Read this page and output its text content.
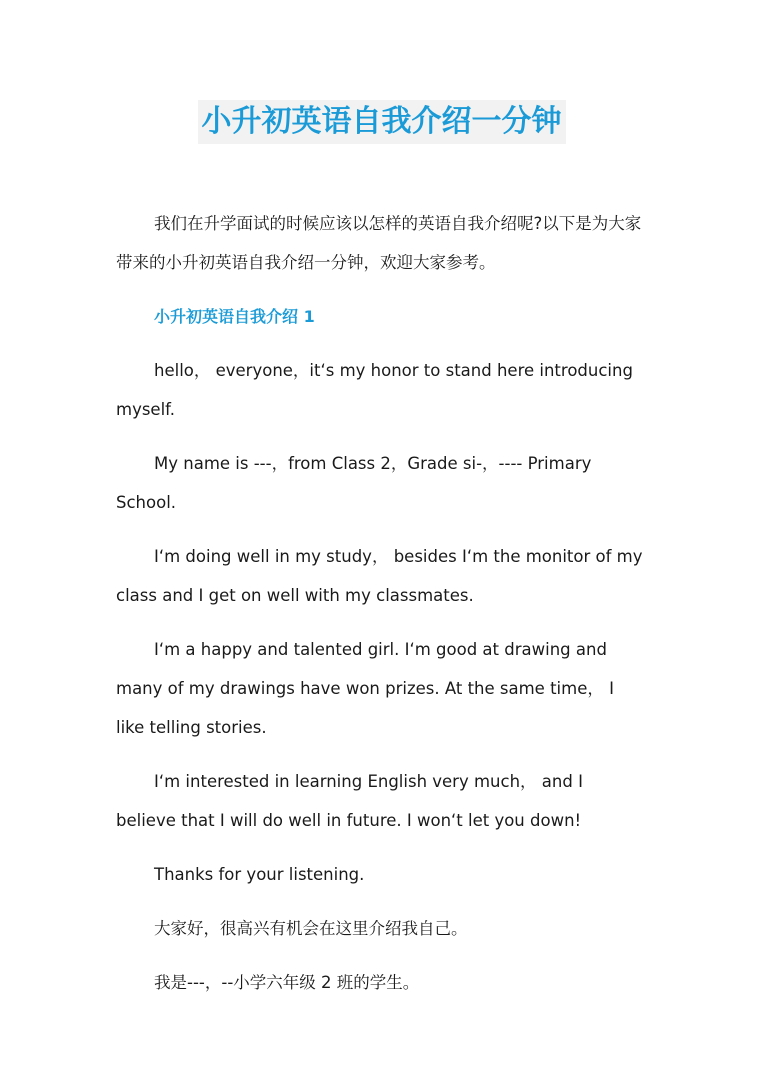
小升初英语自我介绍一分钟

我们在升学面试的时候应该以怎样的英语自我介绍呢?以下是为大家带来的小升初英语自我介绍一分钟，欢迎大家参考。

小升初英语自我介绍 1

hello， everyone，it‘s my honor to stand here introducing myself.

My name is ---，from Class 2，Grade si-，---- Primary School.

I‘m doing well in my study， besides I‘m the monitor of my class and I get on well with my classmates.

I‘m a happy and talented girl. I‘m good at drawing and many of my drawings have won prizes. At the same time， I like telling stories.

I‘m interested in learning English very much， and I believe that I will do well in future. I won‘t let you down!

Thanks for your listening.

大家好，很高兴有机会在这里介绍我自己。

我是---，--小学六年级 2 班的学生。
